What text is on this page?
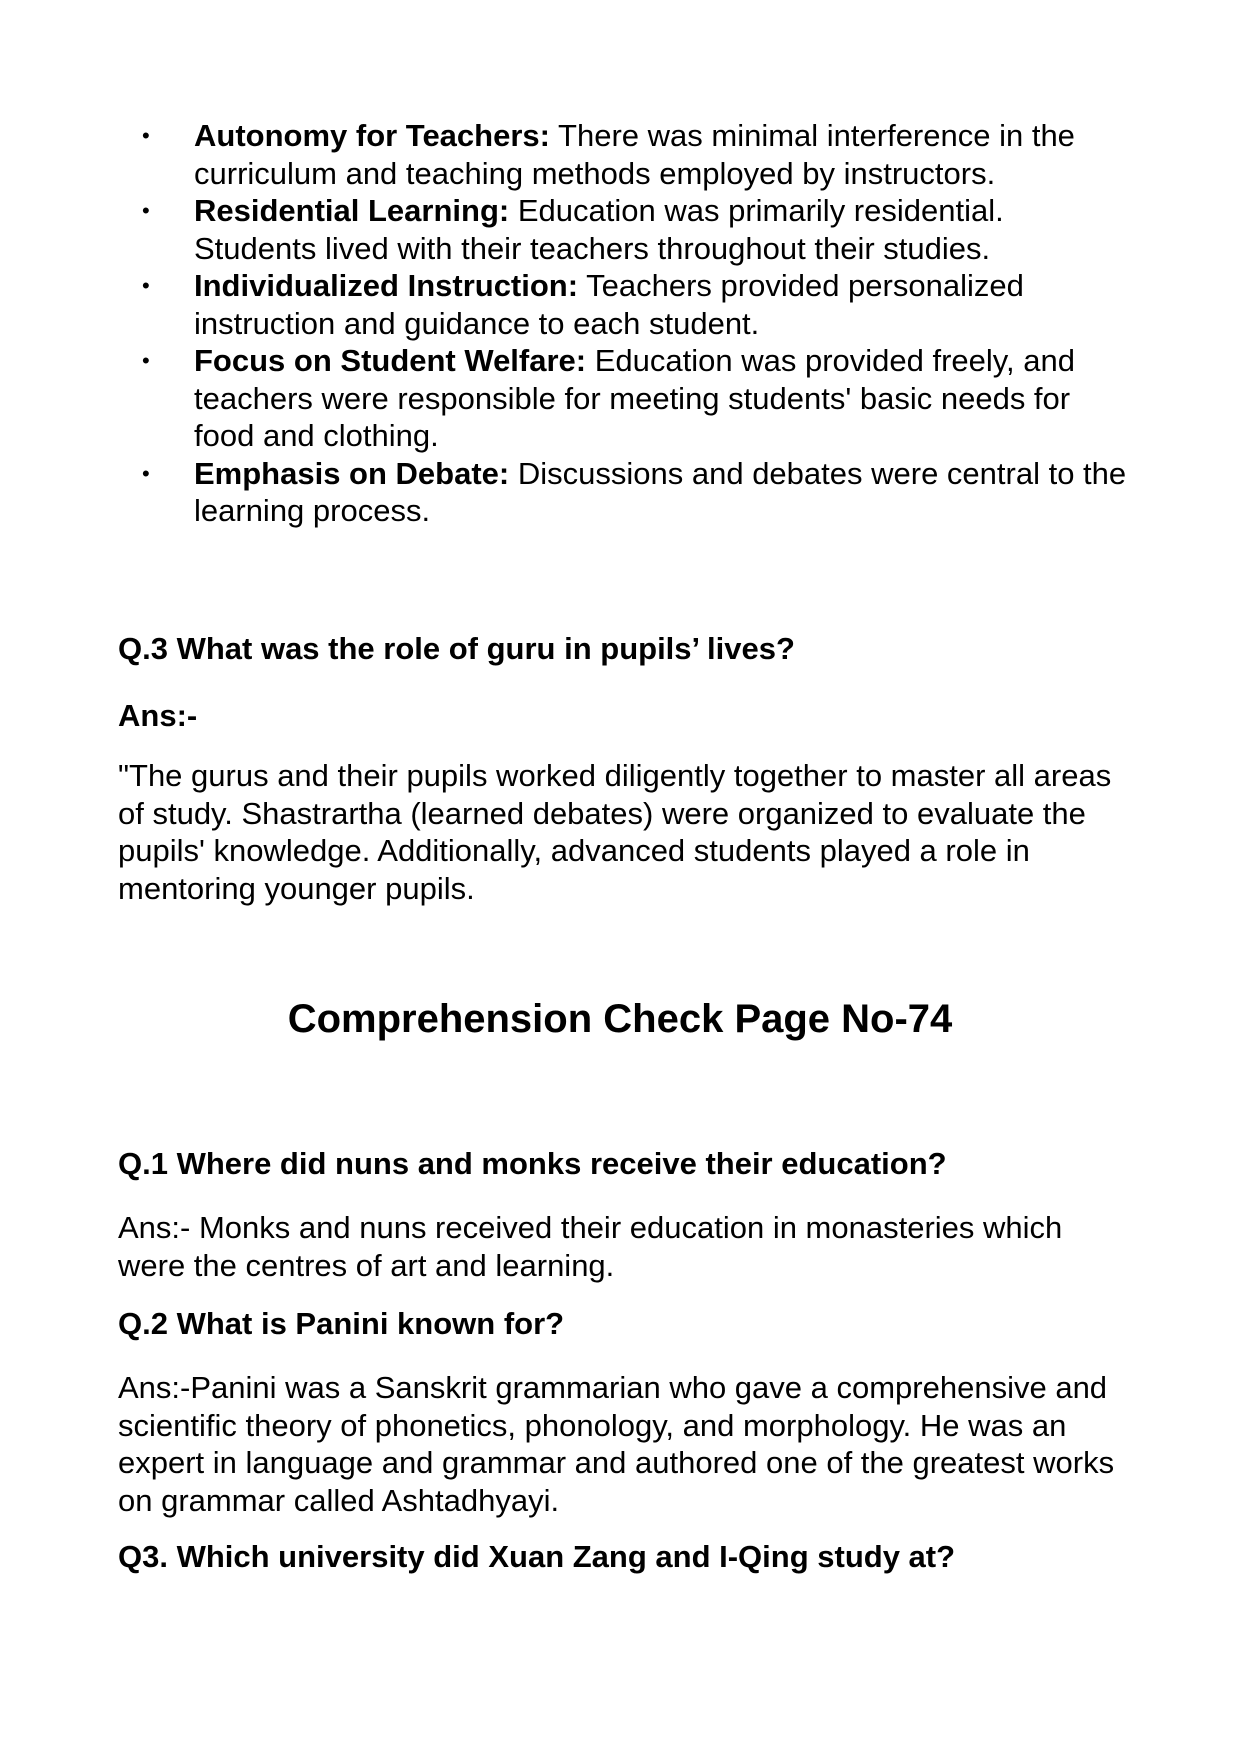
• Autonomy for Teachers: There was minimal interference in the curriculum and teaching methods employed by instructors.
• Residential Learning: Education was primarily residential. Students lived with their teachers throughout their studies.
• Individualized Instruction: Teachers provided personalized instruction and guidance to each student.
• Focus on Student Welfare: Education was provided freely, and teachers were responsible for meeting students' basic needs for food and clothing.
• Emphasis on Debate: Discussions and debates were central to the learning process.
Q.3 What was the role of guru in pupils’ lives?
Ans:-
"The gurus and their pupils worked diligently together to master all areas of study. Shastrartha (learned debates) were organized to evaluate the pupils' knowledge. Additionally, advanced students played a role in mentoring younger pupils.
Comprehension Check Page No-74
Q.1 Where did nuns and monks receive their education?
Ans:- Monks and nuns received their education in monasteries which were the centres of art and learning.
Q.2 What is Panini known for?
Ans:-Panini was a Sanskrit grammarian who gave a comprehensive and scientific theory of phonetics, phonology, and morphology. He was an expert in language and grammar and authored one of the greatest works on grammar called Ashtadhyayi.
Q3. Which university did Xuan Zang and I-Qing study at?
